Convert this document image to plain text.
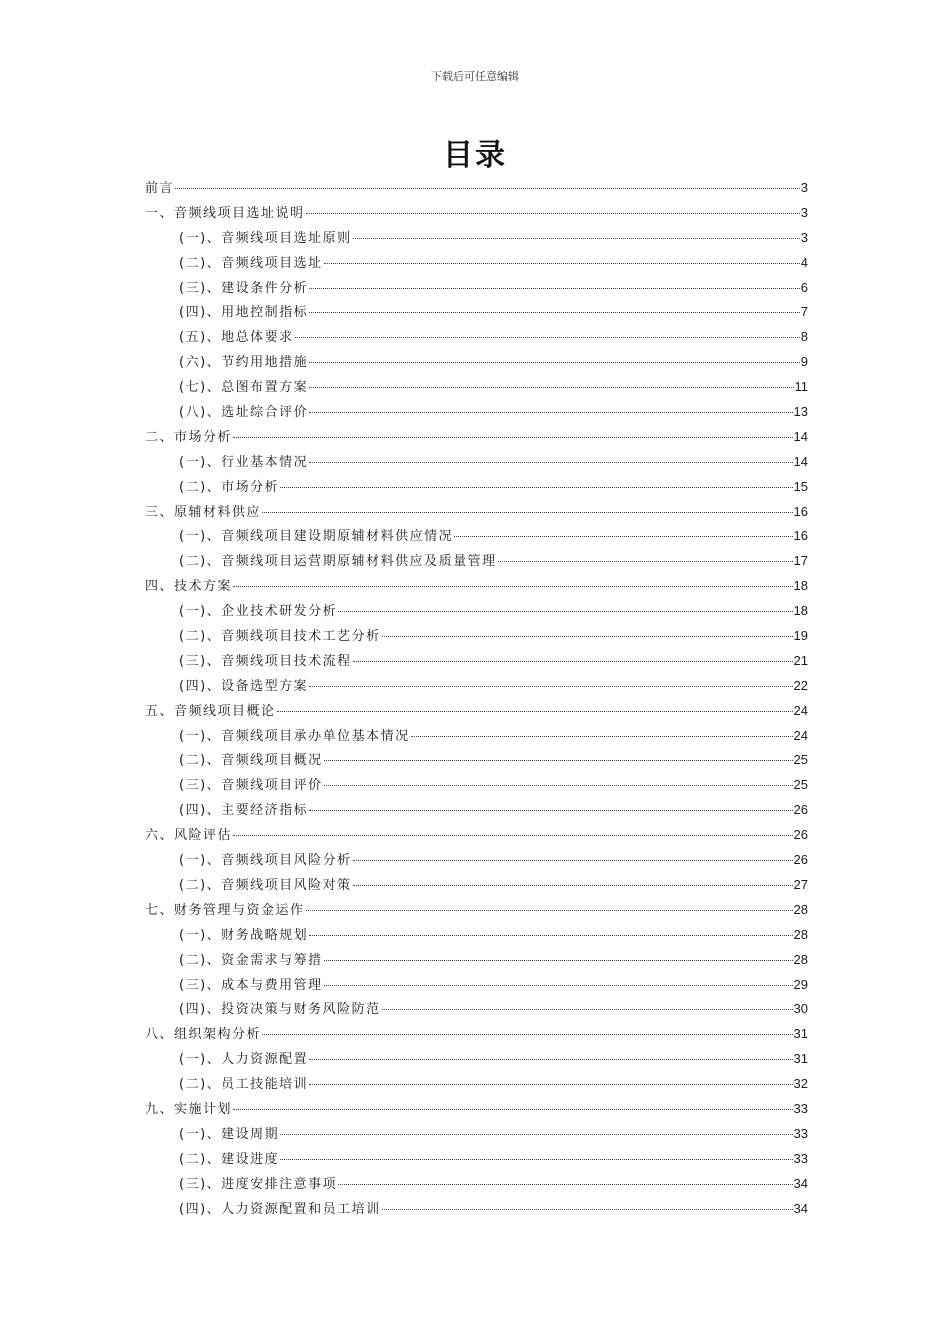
下载后可任意编辑
目录
前言	3
一、音频线项目选址说明	3
(一)、音频线项目选址原则	3
(二)、音频线项目选址	4
(三)、建设条件分析	6
(四)、用地控制指标	7
(五)、地总体要求	8
(六)、节约用地措施	9
(七)、总图布置方案	11
(八)、选址综合评价	13
二、市场分析	14
(一)、行业基本情况	14
(二)、市场分析	15
三、原辅材料供应	16
(一)、音频线项目建设期原辅材料供应情况	16
(二)、音频线项目运营期原辅材料供应及质量管理	17
四、技术方案	18
(一)、企业技术研发分析	18
(二)、音频线项目技术工艺分析	19
(三)、音频线项目技术流程	21
(四)、设备选型方案	22
五、音频线项目概论	24
(一)、音频线项目承办单位基本情况	24
(二)、音频线项目概况	25
(三)、音频线项目评价	25
(四)、主要经济指标	26
六、风险评估	26
(一)、音频线项目风险分析	26
(二)、音频线项目风险对策	27
七、财务管理与资金运作	28
(一)、财务战略规划	28
(二)、资金需求与筹措	28
(三)、成本与费用管理	29
(四)、投资决策与财务风险防范	30
八、组织架构分析	31
(一)、人力资源配置	31
(二)、员工技能培训	32
九、实施计划	33
(一)、建设周期	33
(二)、建设进度	33
(三)、进度安排注意事项	34
(四)、人力资源配置和员工培训	34
